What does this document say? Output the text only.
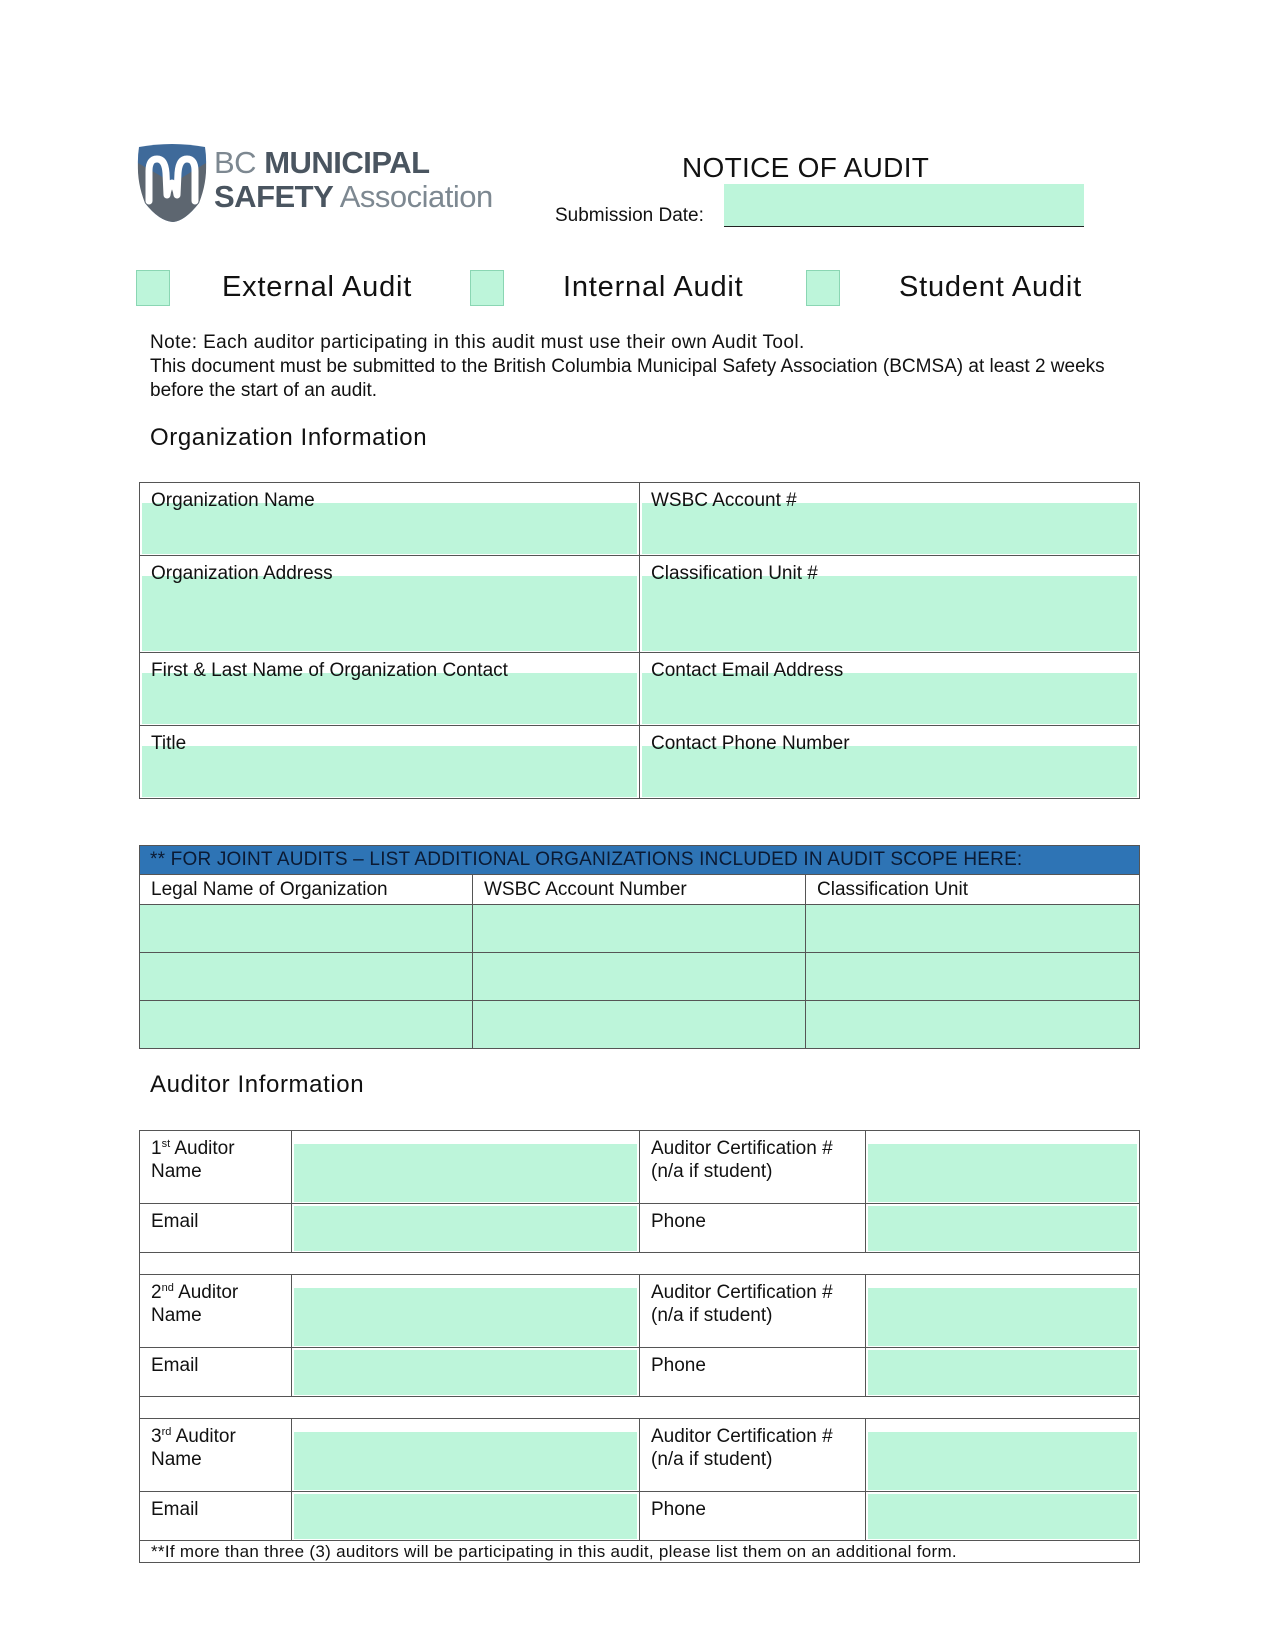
BC MUNICIPAL
SAFETY Association
NOTICE OF AUDIT
Submission Date:
External Audit	Internal Audit	Student Audit
Note: Each auditor participating in this audit must use their own Audit Tool.
This document must be submitted to the British Columbia Municipal Safety Association (BCMSA) at least 2 weeks before the start of an audit.
Organization Information
Organization Name	WSBC Account #

Organization Address	Classification Unit #

First & Last Name of Organization Contact	Contact Email Address

Title	Contact Phone Number
** FOR JOINT AUDITS – LIST ADDITIONAL ORGANIZATIONS INCLUDED IN AUDIT SCOPE HERE:		
Legal Name of Organization	WSBC Account Number	Classification Unit

Auditor Information
1st Auditor
Name		Auditor Certification #
(n/a if student)	

Email		Phone	

2nd Auditor
Name		Auditor Certification #
(n/a if student)	

Email		Phone	

3rd Auditor
Name		Auditor Certification #
(n/a if student)	

Email		Phone	

**If more than three (3) auditors will be participating in this audit, please list them on an additional form.			
